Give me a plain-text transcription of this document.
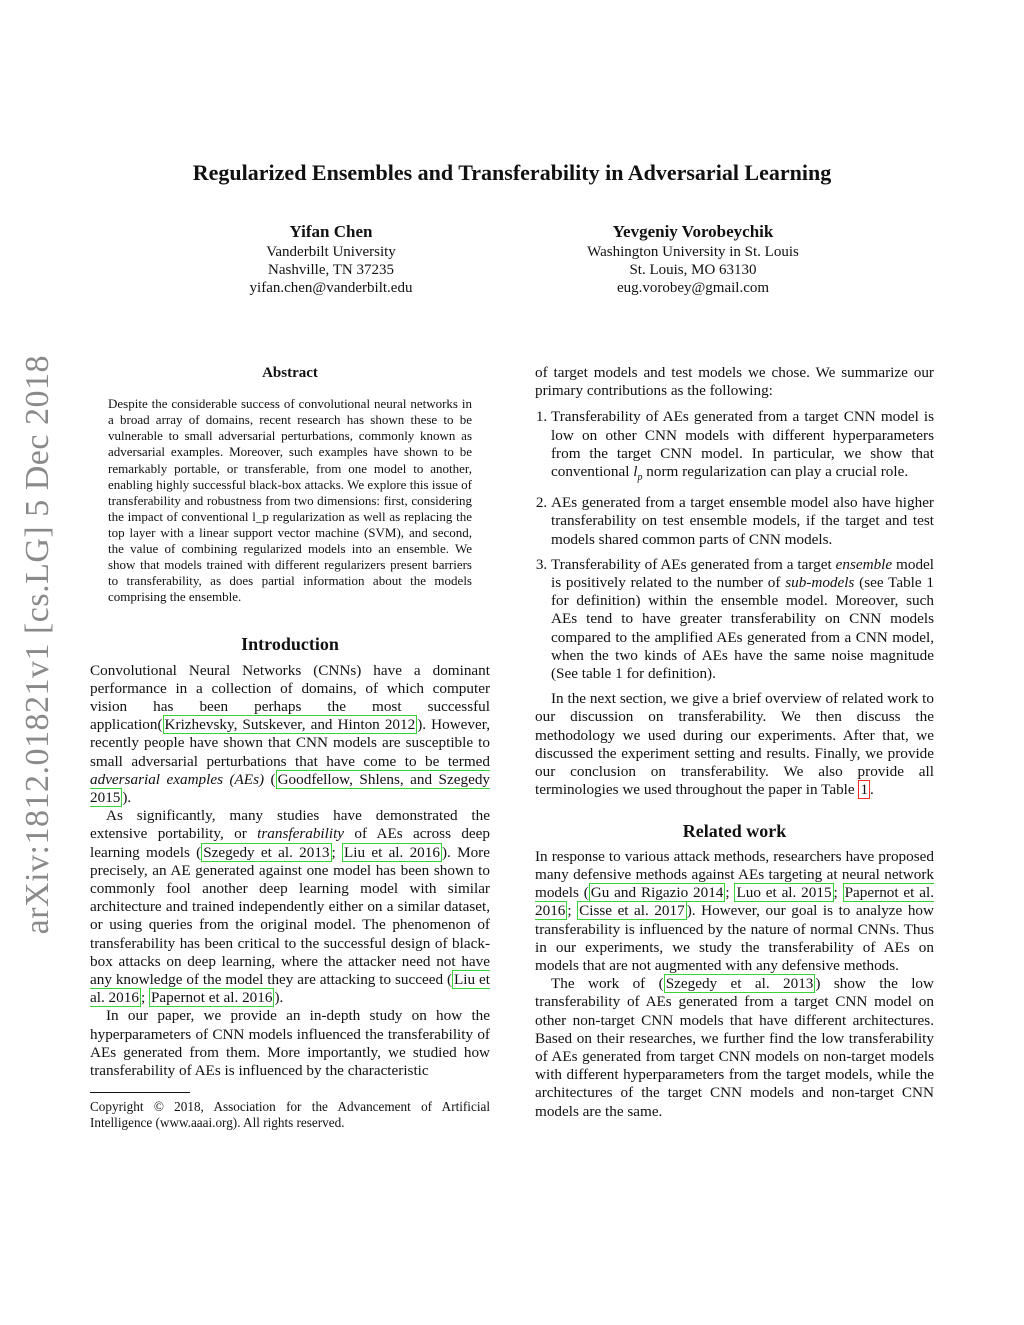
arXiv:1812.01821v1 [cs.LG] 5 Dec 2018
Regularized Ensembles and Transferability in Adversarial Learning
Yifan Chen
Vanderbilt University
Nashville, TN 37235
yifan.chen@vanderbilt.edu
Yevgeniy Vorobeychik
Washington University in St. Louis
St. Louis, MO 63130
eug.vorobey@gmail.com
Abstract

Despite the considerable success of convolutional neural networks in a broad array of domains, recent research has shown these to be vulnerable to small adversarial perturbations, commonly known as adversarial examples. Moreover, such examples have shown to be remarkably portable, or transferable, from one model to another, enabling highly successful black-box attacks. We explore this issue of transferability and robustness from two dimensions: first, considering the impact of conventional l_p regularization as well as replacing the top layer with a linear support vector machine (SVM), and second, the value of combining regularized models into an ensemble. We show that models trained with different regularizers present barriers to transferability, as does partial information about the models comprising the ensemble.

Introduction

Convolutional Neural Networks (CNNs) have a dominant performance in a collection of domains, of which computer vision has been perhaps the most successful application( Krizhevsky, Sutskever, and Hinton 2012 ). However, recently people have shown that CNN models are susceptible to small adversarial perturbations that have come to be termed adversarial examples (AEs) ( Goodfellow, Shlens, and Szegedy 2015 ).

As significantly, many studies have demonstrated the extensive portability, or transferability of AEs across deep learning models ( Szegedy et al. 2013 ; Liu et al. 2016 ). More precisely, an AE generated against one model has been shown to commonly fool another deep learning model with similar architecture and trained independently either on a similar dataset, or using queries from the original model. The phenomenon of transferability has been critical to the successful design of black-box attacks on deep learning, where the attacker need not have any knowledge of the model they are attacking to succeed ( Liu et al. 2016 ; Papernot et al. 2016 ).

In our paper, we provide an in-depth study on how the hyperparameters of CNN models influenced the transferability of AEs generated from them. More importantly, we studied how transferability of AEs is influenced by the characteristic

Copyright © 2018, Association for the Advancement of Artificial Intelligence (www.aaai.org). All rights reserved.

of target models and test models we chose. We summarize our primary contributions as the following:

1. Transferability of AEs generated from a target CNN model is low on other CNN models with different hyperparameters from the target CNN model. In particular, we show that conventional $l_p$ norm regularization can play a crucial role.
2. AEs generated from a target ensemble model also have higher transferability on test ensemble models, if the target and test models shared common parts of CNN models.
3. Transferability of AEs generated from a target ensemble model is positively related to the number of sub-models (see Table 1 for definition) within the ensemble model. Moreover, such AEs tend to have greater transferability on CNN models compared to the amplified AEs generated from a CNN model, when the two kinds of AEs have the same noise magnitude (See table 1 for definition).

In the next section, we give a brief overview of related work to our discussion on transferability. We then discuss the methodology we used during our experiments. After that, we discussed the experiment setting and results. Finally, we provide our conclusion on transferability. We also provide all terminologies we used throughout the paper in Table 1 .

Related work

In response to various attack methods, researchers have proposed many defensive methods against AEs targeting at neural network models ( Gu and Rigazio 2014 ; Luo et al. 2015 ; Papernot et al. 2016 ; Cisse et al. 2017 ). However, our goal is to analyze how transferability is influenced by the nature of normal CNNs. Thus in our experiments, we study the transferability of AEs on models that are not augmented with any defensive methods.

The work of ( Szegedy et al. 2013 ) show the low transferability of AEs generated from a target CNN model on other non-target CNN models that have different architectures. Based on their researches, we further find the low transferability of AEs generated from target CNN models on non-target models with different hyperparameters from the target models, while the architectures of the target CNN models and non-target CNN models are the same.
